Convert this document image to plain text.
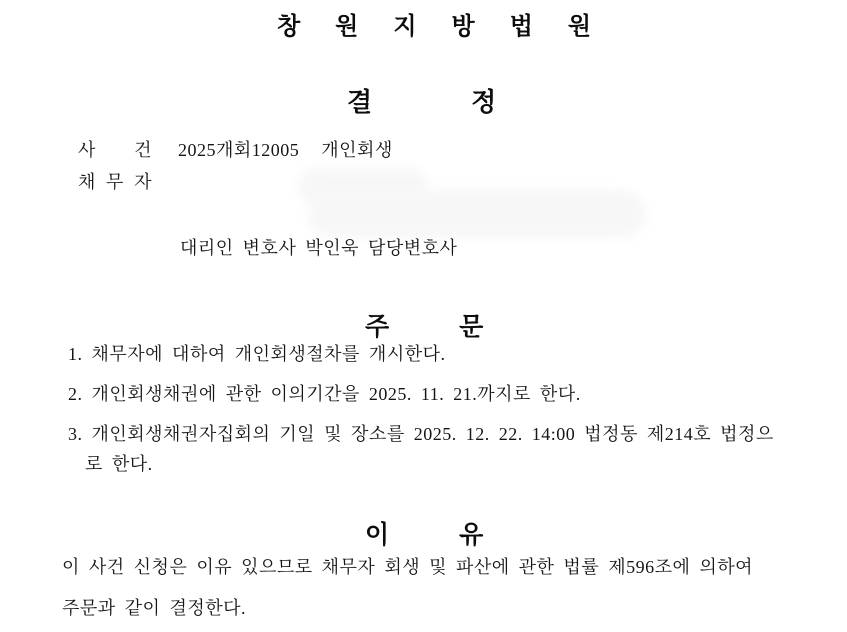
창원지방법원
결정
사 건 2025개회12005 개인회생
채 무 자
대리인 변호사 박인욱 담당변호사
주문
1. 채무자에 대하여 개인회생절차를 개시한다.
2. 개인회생채권에 관한 이의기간을 2025. 11. 21.까지로 한다.
3. 개인회생채권자집회의 기일 및 장소를 2025. 12. 22. 14:00 법정동 제214호 법정으
로 한다.
이유
이 사건 신청은 이유 있으므로 채무자 회생 및 파산에 관한 법률 제596조에 의하여
주문과 같이 결정한다.
